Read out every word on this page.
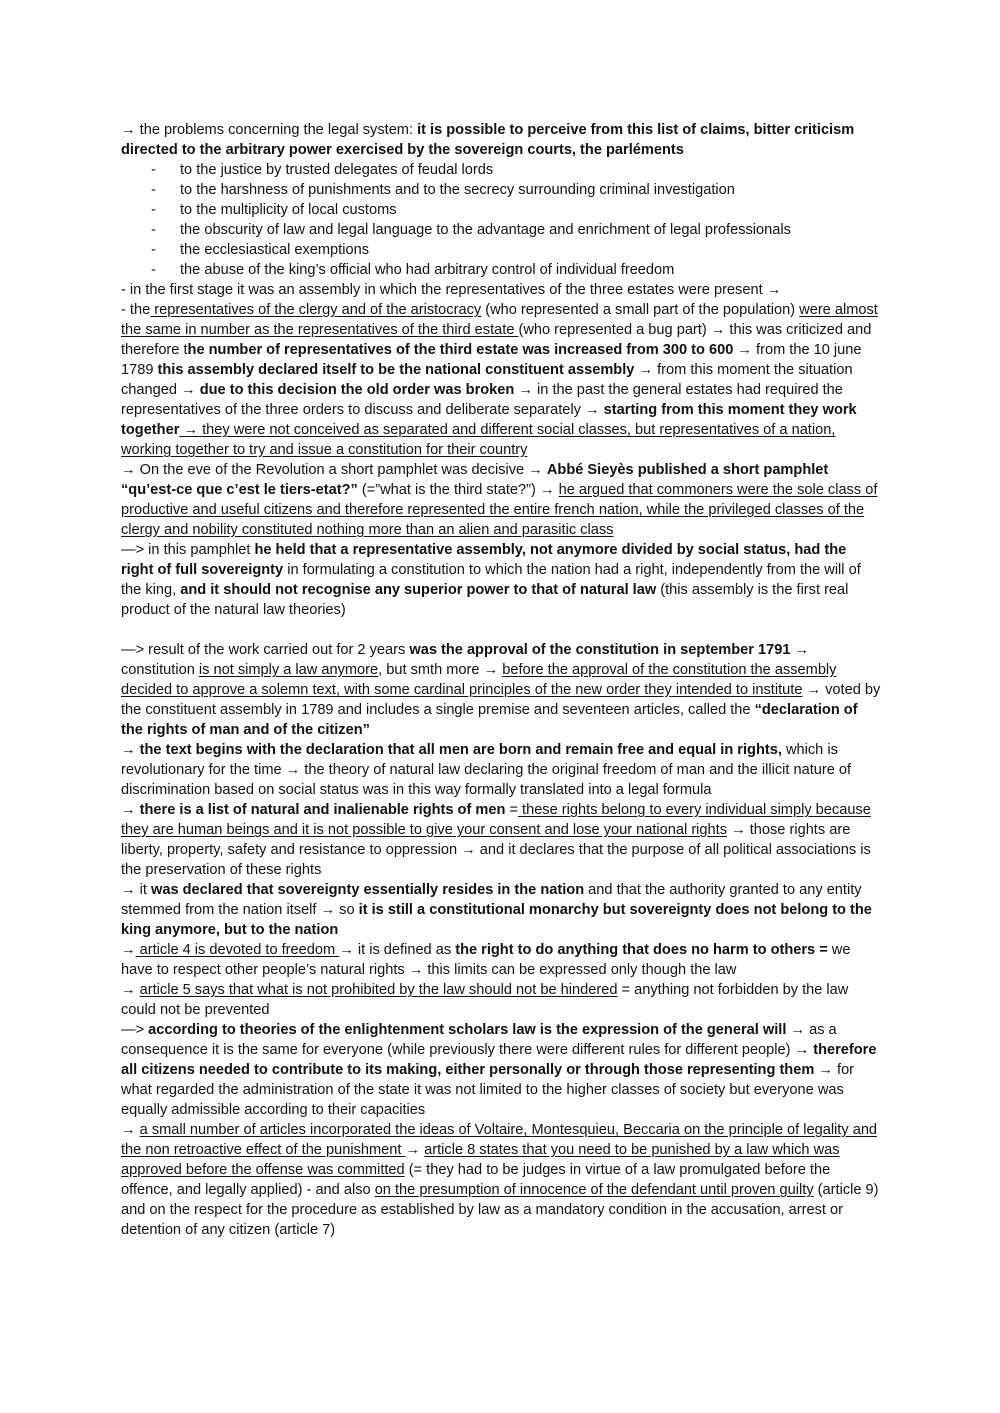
→ the problems concerning the legal system: it is possible to perceive from this list of claims, bitter criticism directed to the arbitrary power exercised by the sovereign courts, the parléments

- to the justice by trusted delegates of feudal lords
- to the harshness of punishments and to the secrecy surrounding criminal investigation
- to the multiplicity of local customs
- the obscurity of law and legal language to the advantage and enrichment of legal professionals
- the ecclesiastical exemptions
- the abuse of the king’s official who had arbitrary control of individual freedom

- in the first stage it was an assembly in which the representatives of the three estates were present →

- the representatives of the clergy and of the aristocracy (who represented a small part of the population) were almost the same in number as the representatives of the third estate (who represented a bug part) → this was criticized and therefore the number of representatives of the third estate was increased from 300 to 600 → from the 10 june 1789 this assembly declared itself to be the national constituent assembly → from this moment the situation changed → due to this decision the old order was broken → in the past the general estates had required the representatives of the three orders to discuss and deliberate separately → starting from this moment they work together → they were not conceived as separated and different social classes, but representatives of a nation, working together to try and issue a constitution for their country

→ On the eve of the Revolution a short pamphlet was decisive → Abbé Sieyès published a short pamphlet “qu’est-ce que c’est le tiers-etat?” (=”what is the third state?”) → he argued that commoners were the sole class of productive and useful citizens and therefore represented the entire french nation, while the privileged classes of the clergy and nobility constituted nothing more than an alien and parasitic class

—> in this pamphlet he held that a representative assembly, not anymore divided by social status, had the right of full sovereignty in formulating a constitution to which the nation had a right, independently from the will of the king, and it should not recognise any superior power to that of natural law (this assembly is the first real product of the natural law theories)

—> result of the work carried out for 2 years was the approval of the constitution in september 1791 → constitution is not simply a law anymore, but smth more → before the approval of the constitution the assembly decided to approve a solemn text, with some cardinal principles of the new order they intended to institute → voted by the constituent assembly in 1789 and includes a single premise and seventeen articles, called the “declaration of the rights of man and of the citizen”

→ the text begins with the declaration that all men are born and remain free and equal in rights, which is revolutionary for the time → the theory of natural law declaring the original freedom of man and the illicit nature of discrimination based on social status was in this way formally translated into a legal formula

→ there is a list of natural and inalienable rights of men = these rights belong to every individual simply because they are human beings and it is not possible to give your consent and lose your national rights → those rights are liberty, property, safety and resistance to oppression → and it declares that the purpose of all political associations is the preservation of these rights

→ it was declared that sovereignty essentially resides in the nation and that the authority granted to any entity stemmed from the nation itself → so it is still a constitutional monarchy but sovereignty does not belong to the king anymore, but to the nation

→ article 4 is devoted to freedom → it is defined as the right to do anything that does no harm to others = we have to respect other people’s natural rights → this limits can be expressed only though the law

→ article 5 says that what is not prohibited by the law should not be hindered = anything not forbidden by the law could not be prevented

—> according to theories of the enlightenment scholars law is the expression of the general will → as a consequence it is the same for everyone (while previously there were different rules for different people) → therefore all citizens needed to contribute to its making, either personally or through those representing them → for what regarded the administration of the state it was not limited to the higher classes of society but everyone was equally admissible according to their capacities

→ a small number of articles incorporated the ideas of Voltaire, Montesquieu, Beccaria on the principle of legality and the non retroactive effect of the punishment → article 8 states that you need to be punished by a law which was approved before the offense was committed (= they had to be judges in virtue of a law promulgated before the offence, and legally applied) - and also on the presumption of innocence of the defendant until proven guilty (article 9) and on the respect for the procedure as established by law as a mandatory condition in the accusation, arrest or detention of any citizen (article 7)
